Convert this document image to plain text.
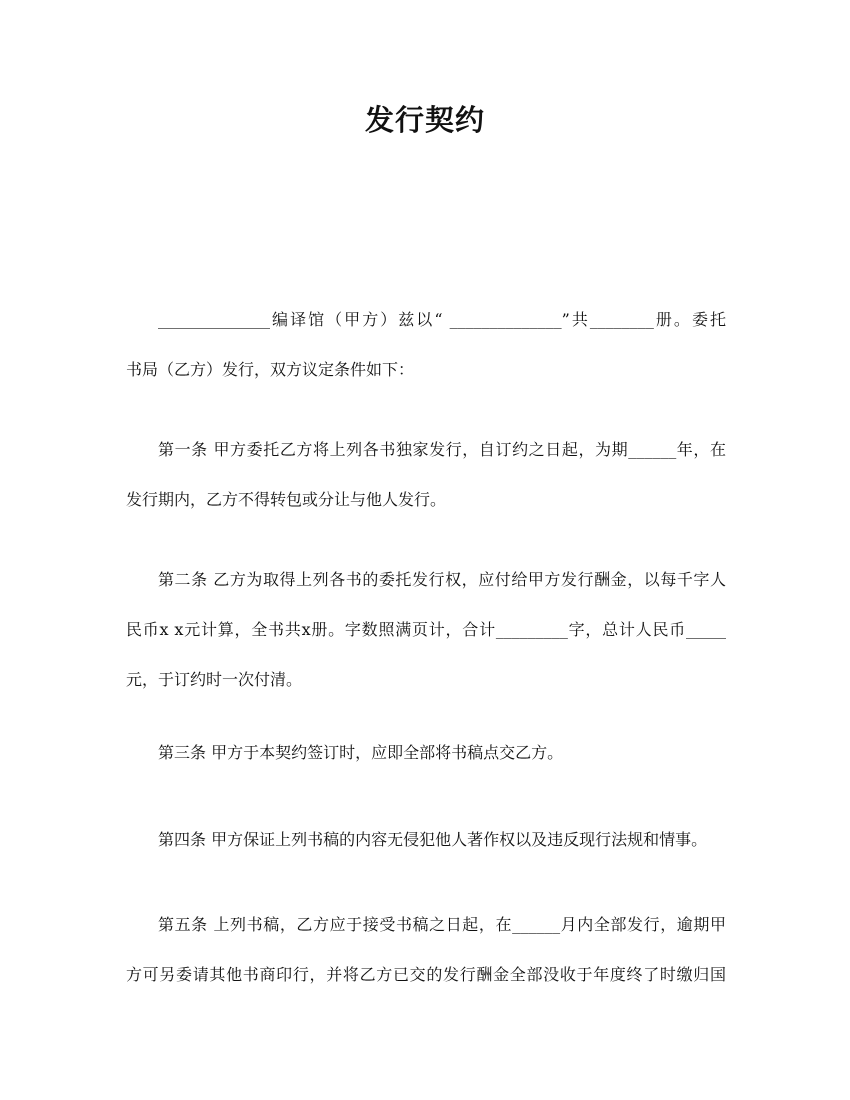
发行契约
______________编译馆（甲方）兹以“ ______________”共________册。委托
书局（乙方）发行，双方议定条件如下：
第一条 甲方委托乙方将上列各书独家发行，自订约之日起，为期______年，在
发行期内，乙方不得转包或分让与他人发行。
第二条 乙方为取得上列各书的委托发行权，应付给甲方发行酬金，以每千字人
民币x x元计算，全书共x册。字数照满页计，合计_________字，总计人民币_____
元，于订约时一次付清。
第三条 甲方于本契约签订时，应即全部将书稿点交乙方。
第四条 甲方保证上列书稿的内容无侵犯他人著作权以及违反现行法规和情事。
第五条 上列书稿，乙方应于接受书稿之日起，在______月内全部发行，逾期甲
方可另委请其他书商印行，并将乙方已交的发行酬金全部没收于年度终了时缴归国
